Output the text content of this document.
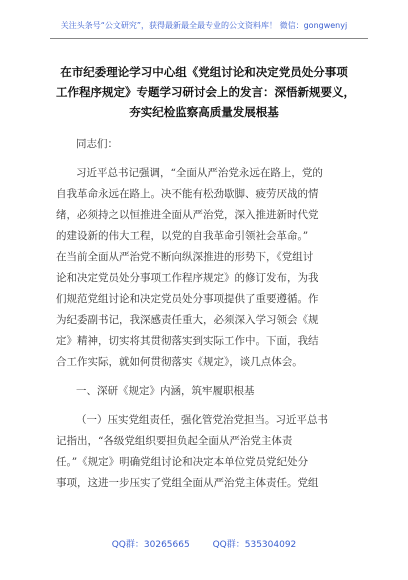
关注头条号“公文研究”，获得最新最全最专业的公文资料库！ 微信：gongwenyj
在市纪委理论学习中心组《党组讨论和决定党员处分事项
工作程序规定》专题学习研讨会上的发言：深悟新规要义，
夯实纪检监察高质量发展根基
同志们：
习近平总书记强调，“全面从严治党永远在路上，党的
自我革命永远在路上。决不能有松劲歇脚、疲劳厌战的情
绪，必须持之以恒推进全面从严治党，深入推进新时代党
的建设新的伟大工程，以党的自我革命引领社会革命。”
在当前全面从严治党不断向纵深推进的形势下，《党组讨
论和决定党员处分事项工作程序规定》的修订发布，为我
们规范党组讨论和决定党员处分事项提供了重要遵循。作
为纪委副书记，我深感责任重大，必须深入学习领会《规
定》精神，切实将其贯彻落实到实际工作中。下面，我结
合工作实际，就如何贯彻落实《规定》，谈几点体会。
一、深研《规定》内涵，筑牢履职根基
（一）压实党组责任，强化管党治党担当。习近平总书
记指出，“各级党组织要担负起全面从严治党主体责
任。”《规定》明确党组讨论和决定本单位党员党纪处分
事项，这进一步压实了党组全面从严治党主体责任。党组
QQ群：30265665	QQ群：535304092
